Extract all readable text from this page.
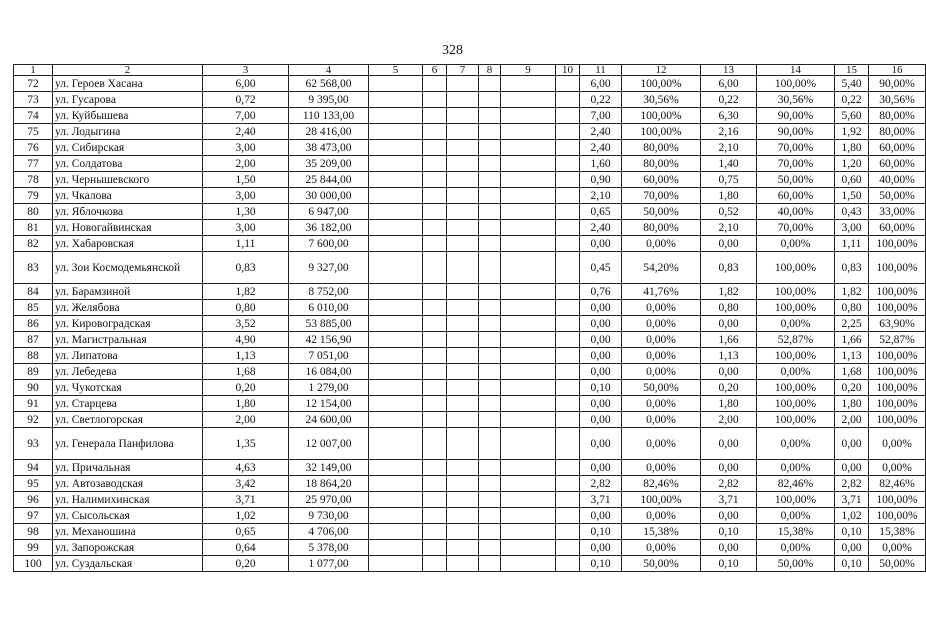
328
1	2	3	4	5	6	7	8	9	10	11	12	13	14	15	16
72	ул. Героев Хасана	6,00	62 568,00							6,00	100,00%	6,00	100,00%	5,40	90,00%
73	ул. Гусарова	0,72	9 395,00							0,22	30,56%	0,22	30,56%	0,22	30,56%
74	ул. Куйбышева	7,00	110 133,00							7,00	100,00%	6,30	90,00%	5,60	80,00%
75	ул. Лодыгина	2,40	28 416,00							2,40	100,00%	2,16	90,00%	1,92	80,00%
76	ул. Сибирская	3,00	38 473,00							2,40	80,00%	2,10	70,00%	1,80	60,00%
77	ул. Солдатова	2,00	35 209,00							1,60	80,00%	1,40	70,00%	1,20	60,00%
78	ул. Чернышевского	1,50	25 844,00							0,90	60,00%	0,75	50,00%	0,60	40,00%
79	ул. Чкалова	3,00	30 000,00							2,10	70,00%	1,80	60,00%	1,50	50,00%
80	ул. Яблочкова	1,30	6 947,00							0,65	50,00%	0,52	40,00%	0,43	33,00%
81	ул. Новогайвинская	3,00	36 182,00							2,40	80,00%	2,10	70,00%	3,00	60,00%
82	ул. Хабаровская	1,11	7 600,00							0,00	0,00%	0,00	0,00%	1,11	100,00%
83	ул. Зои Космодемьянской	0,83	9 327,00							0,45	54,20%	0,83	100,00%	0,83	100,00%
84	ул. Барамзиной	1,82	8 752,00							0,76	41,76%	1,82	100,00%	1,82	100,00%
85	ул. Желябова	0,80	6 010,00							0,00	0,00%	0,80	100,00%	0,80	100,00%
86	ул. Кировоградская	3,52	53 885,00							0,00	0,00%	0,00	0,00%	2,25	63,90%
87	ул. Магистральная	4,90	42 156,90							0,00	0,00%	1,66	52,87%	1,66	52,87%
88	ул. Липатова	1,13	7 051,00							0,00	0,00%	1,13	100,00%	1,13	100,00%
89	ул. Лебедева	1,68	16 084,00							0,00	0,00%	0,00	0,00%	1,68	100,00%
90	ул. Чукотская	0,20	1 279,00							0,10	50,00%	0,20	100,00%	0,20	100,00%
91	ул. Старцева	1,80	12 154,00							0,00	0,00%	1,80	100,00%	1,80	100,00%
92	ул. Светлогорская	2,00	24 600,00							0,00	0,00%	2,00	100,00%	2,00	100,00%
93	ул. Генерала Панфилова	1,35	12 007,00							0,00	0,00%	0,00	0,00%	0,00	0,00%
94	ул. Причальная	4,63	32 149,00							0,00	0,00%	0,00	0,00%	0,00	0,00%
95	ул. Автозаводская	3,42	18 864,20							2,82	82,46%	2,82	82,46%	2,82	82,46%
96	ул. Налимихинская	3,71	25 970,00							3,71	100,00%	3,71	100,00%	3,71	100,00%
97	ул. Сысольская	1,02	9 730,00							0,00	0,00%	0,00	0,00%	1,02	100,00%
98	ул. Механошина	0,65	4 706,00							0,10	15,38%	0,10	15,38%	0,10	15,38%
99	ул. Запорожская	0,64	5 378,00							0,00	0,00%	0,00	0,00%	0,00	0,00%
100	ул. Суздальская	0,20	1 077,00							0,10	50,00%	0,10	50,00%	0,10	50,00%
